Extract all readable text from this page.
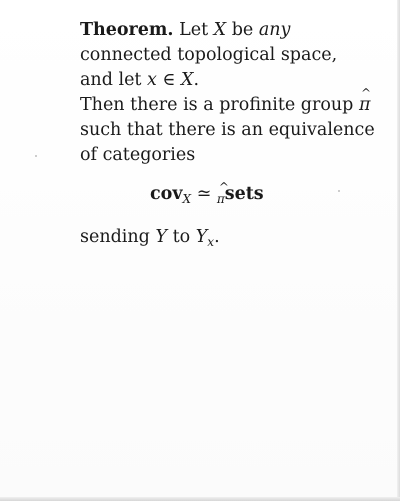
Theorem. Let X be any
connected topological space,
and let x ∈ X.
Then there is a profinite group ^ π
such that there is an equivalence
of categories
cov$_X$ ≃ ^ πsets
sending Y to $Y_x$.
